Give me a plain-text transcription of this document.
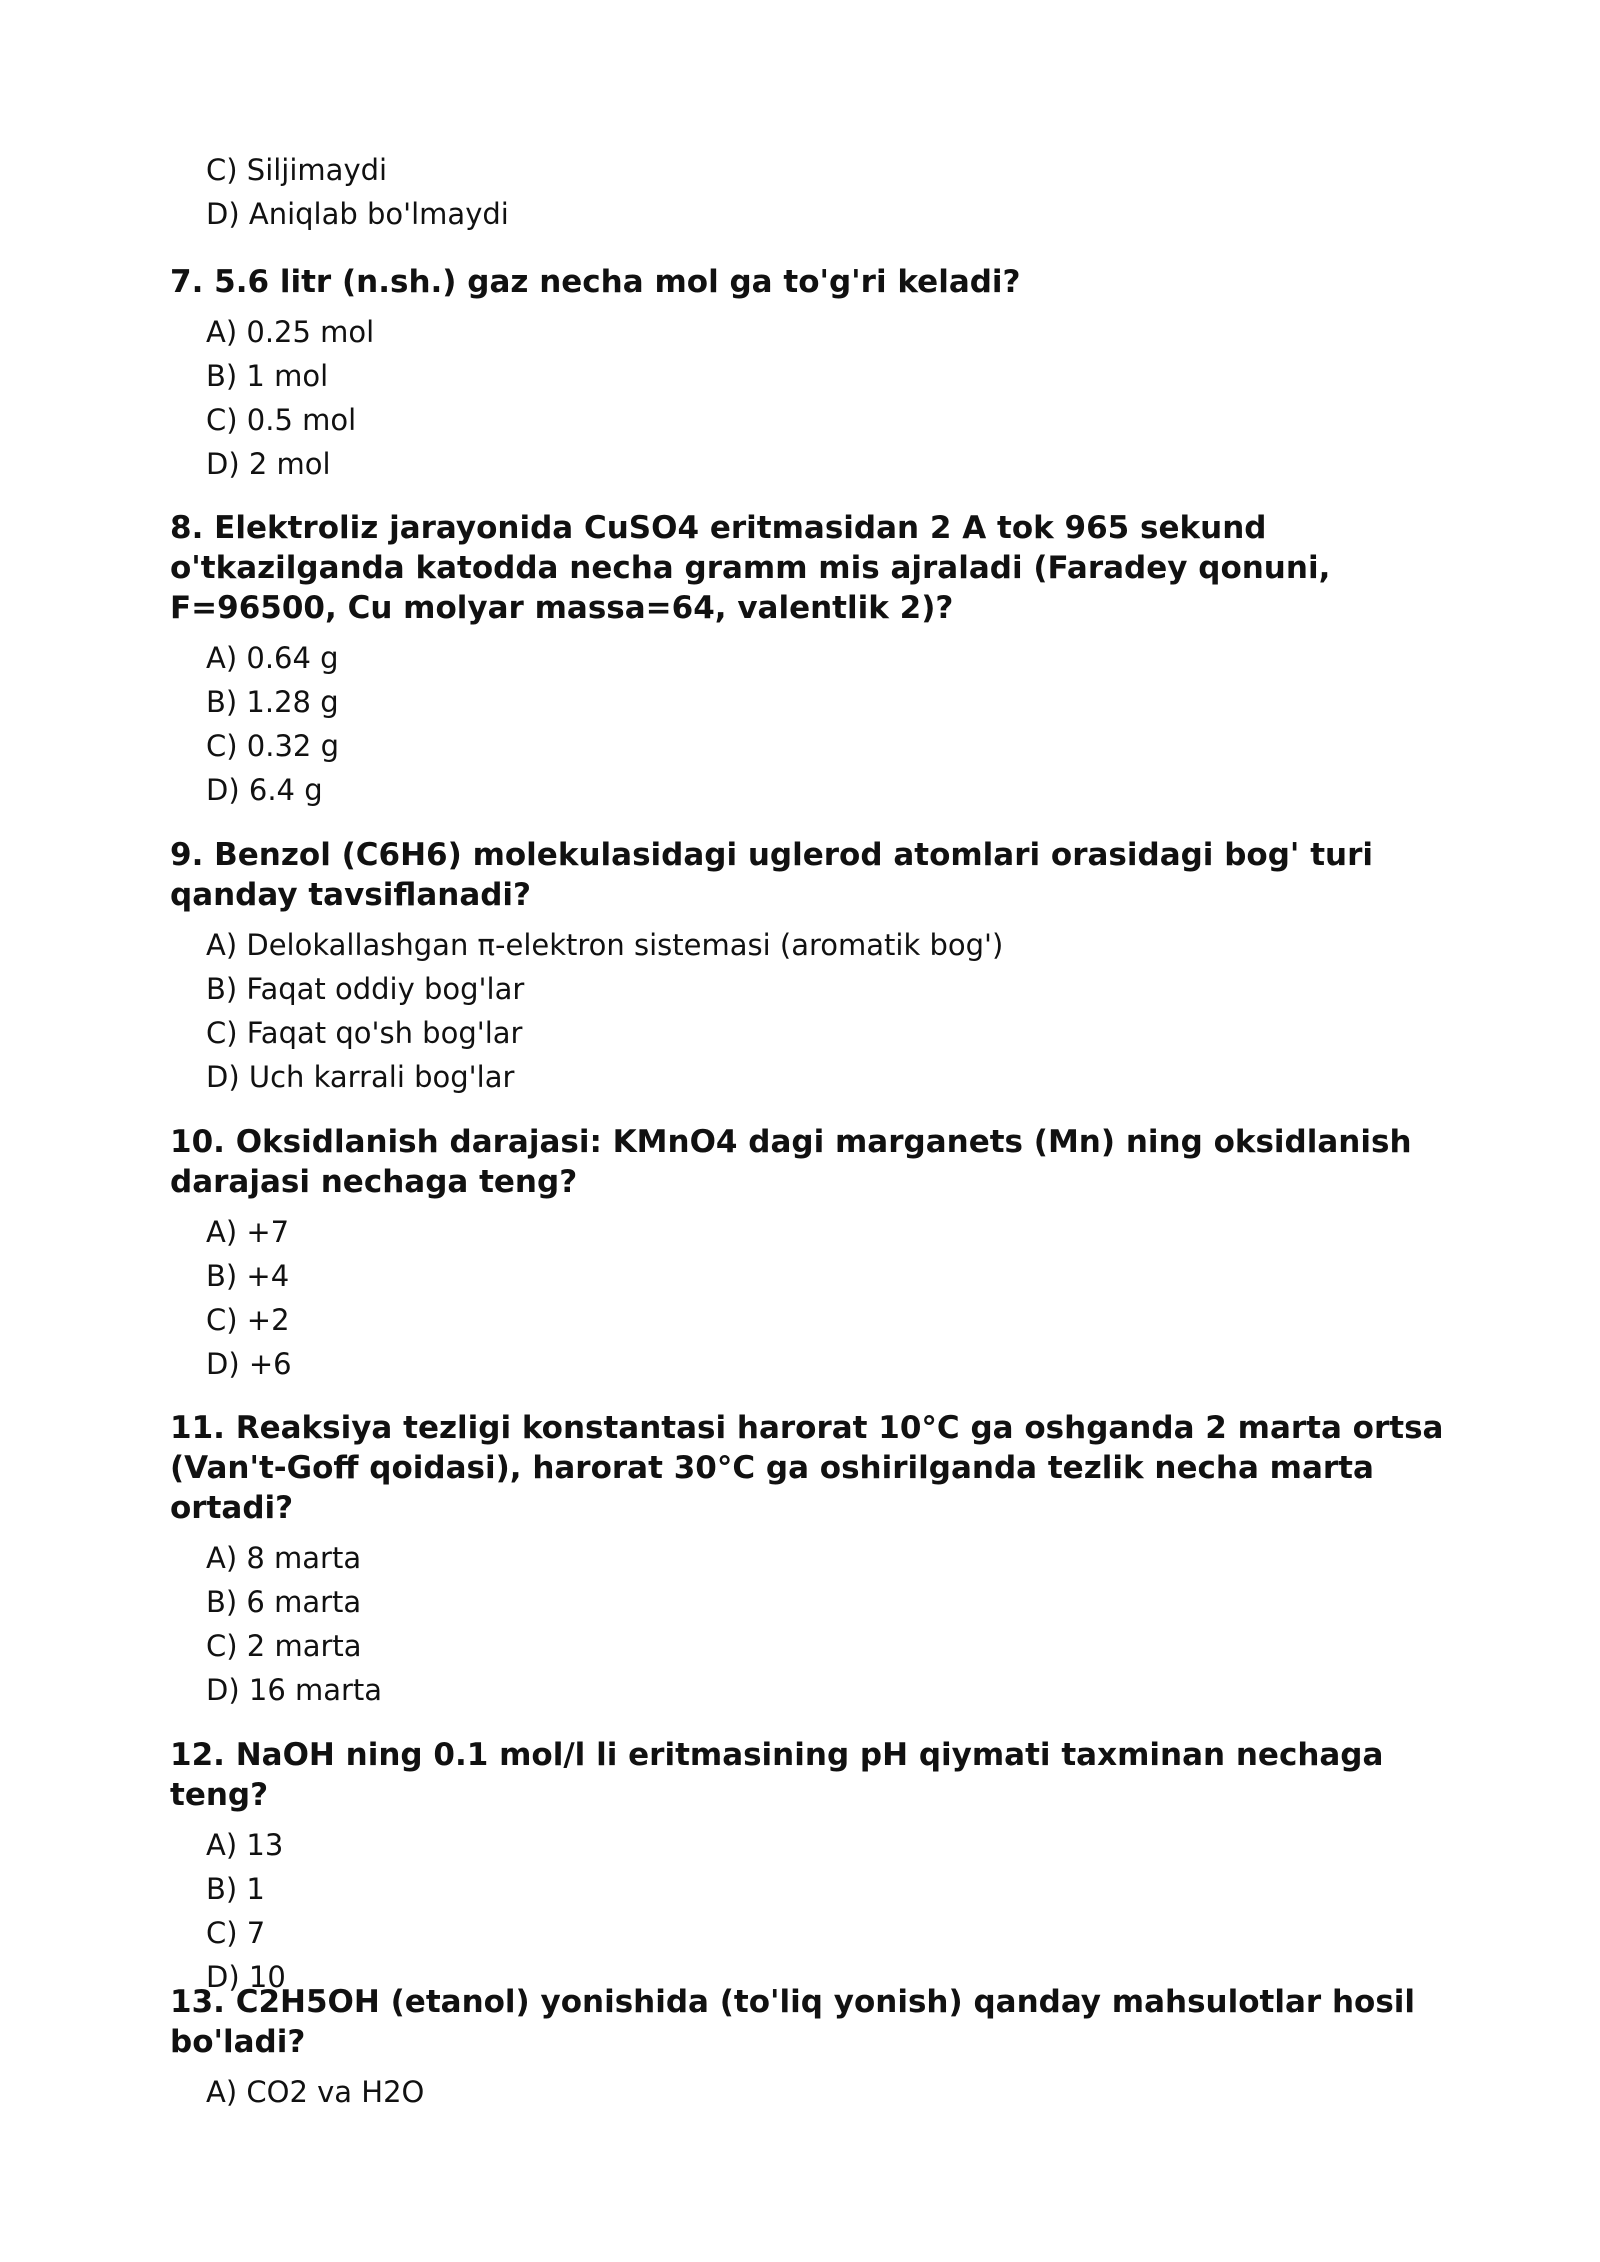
C) Siljimaydi
D) Aniqlab bo'lmaydi

7. 5.6 litr (n.sh.) gaz necha mol ga to'g'ri keladi?

A) 0.25 mol
B) 1 mol
C) 0.5 mol
D) 2 mol

8. Elektroliz jarayonida CuSO4 eritmasidan 2 A tok 965 sekund o'tkazilganda katodda necha gramm mis ajraladi (Faradey qonuni, F=96500, Cu molyar massa=64, valentlik 2)?

A) 0.64 g
B) 1.28 g
C) 0.32 g
D) 6.4 g

9. Benzol (C6H6) molekulasidagi uglerod atomlari orasidagi bog' turi qanday tavsiflanadi?

A) Delokallashgan π-elektron sistemasi (aromatik bog')
B) Faqat oddiy bog'lar
C) Faqat qo'sh bog'lar
D) Uch karrali bog'lar

10. Oksidlanish darajasi: KMnO4 dagi marganets (Mn) ning oksidlanish darajasi nechaga teng?

A) +7
B) +4
C) +2
D) +6

11. Reaksiya tezligi konstantasi harorat 10°C ga oshganda 2 marta ortsa (Van't-Goff qoidasi), harorat 30°C ga oshirilganda tezlik necha marta ortadi?

A) 8 marta
B) 6 marta
C) 2 marta
D) 16 marta

12. NaOH ning 0.1 mol/l li eritmasining pH qiymati taxminan nechaga teng?

A) 13
B) 1
C) 7
D) 10

13. C2H5OH (etanol) yonishida (to'liq yonish) qanday mahsulotlar hosil bo'ladi?

A) CO2 va H2O
